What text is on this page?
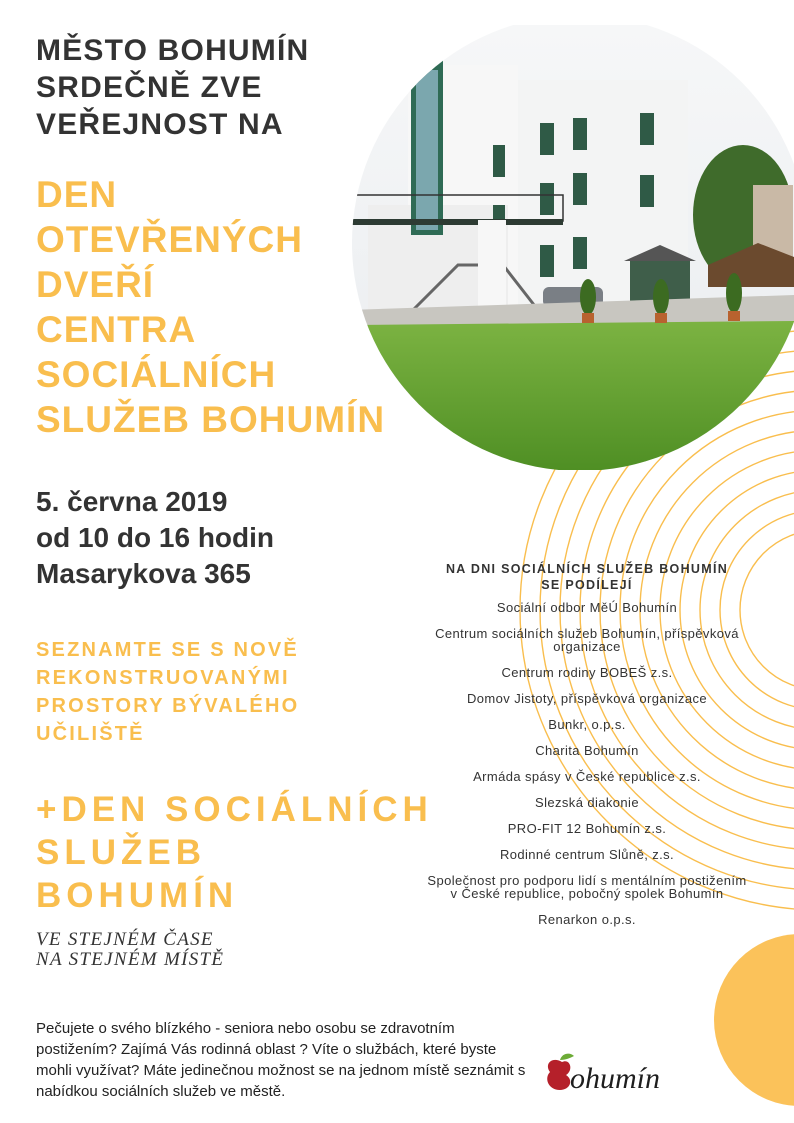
MĚSTO BOHUMÍN
SRDEČNĚ ZVE
VEŘEJNOST NA
DEN
OTEVŘENÝCH
DVEŘÍ
CENTRA
SOCIÁLNÍCH
SLUŽEB BOHUMÍN
5. června 2019
od 10 do 16 hodin
Masarykova 365
SEZNAMTE SE S NOVĚ
REKONSTRUOVANÝMI
PROSTORY BÝVALÉHO
UČILIŠTĚ
+DEN SOCIÁLNÍCH
SLUŽEB
BOHUMÍN
VE STEJNÉM ČASE
NA STEJNÉM MÍSTĚ
NA DNI SOCIÁLNÍCH SLUŽEB BOHUMÍN
SE PODÍLEJÍ
Sociální odbor MěÚ Bohumín
Centrum sociálních služeb Bohumín, příspěvková
organizace
Centrum rodiny BOBEŠ z.s.
Domov Jistoty, příspěvková organizace
Bunkr, o.p.s.
Charita Bohumín
Armáda spásy v České republice z.s.
Slezská diakonie
PRO-FIT 12 Bohumín z.s.
Rodinné centrum Slůně, z.s.
Společnost pro podporu lidí s mentálním postižením
v České republice, pobočný spolek Bohumín
Renarkon o.p.s.
Pečujete o svého blízkého - seniora nebo osobu se zdravotním postižením? Zajímá Vás rodinná oblast ? Víte o službách, které byste mohli využívat? Máte jedinečnou možnost se na jednom místě seznámit s nabídkou sociálních služeb ve městě.	ohumín
